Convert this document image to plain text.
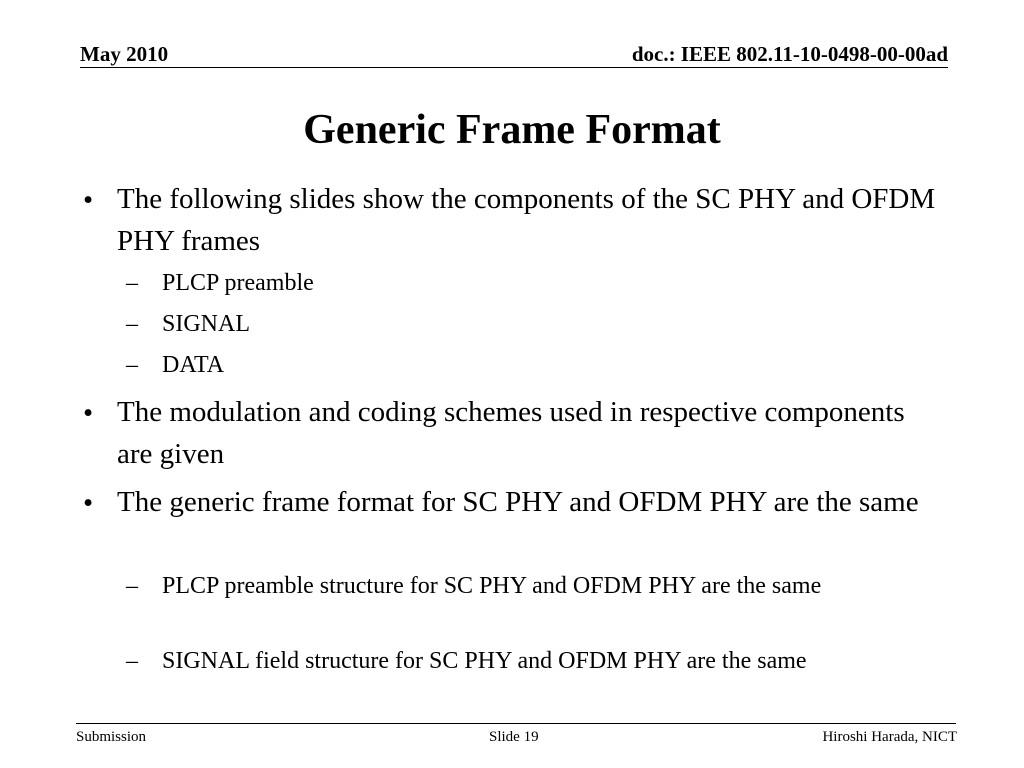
May 2010	doc.: IEEE 802.11-10-0498-00-00ad
Generic Frame Format
• The following slides show the components of the SC PHY and OFDM PHY frames
– PLCP preamble
– SIGNAL
– DATA
• The modulation and coding schemes used in respective components are given
• The generic frame format for SC PHY and OFDM PHY are the same
– PLCP preamble structure for SC PHY and OFDM PHY are the same
– SIGNAL field structure for SC PHY and OFDM PHY are the same
Submission	Slide 19	Hiroshi Harada, NICT
